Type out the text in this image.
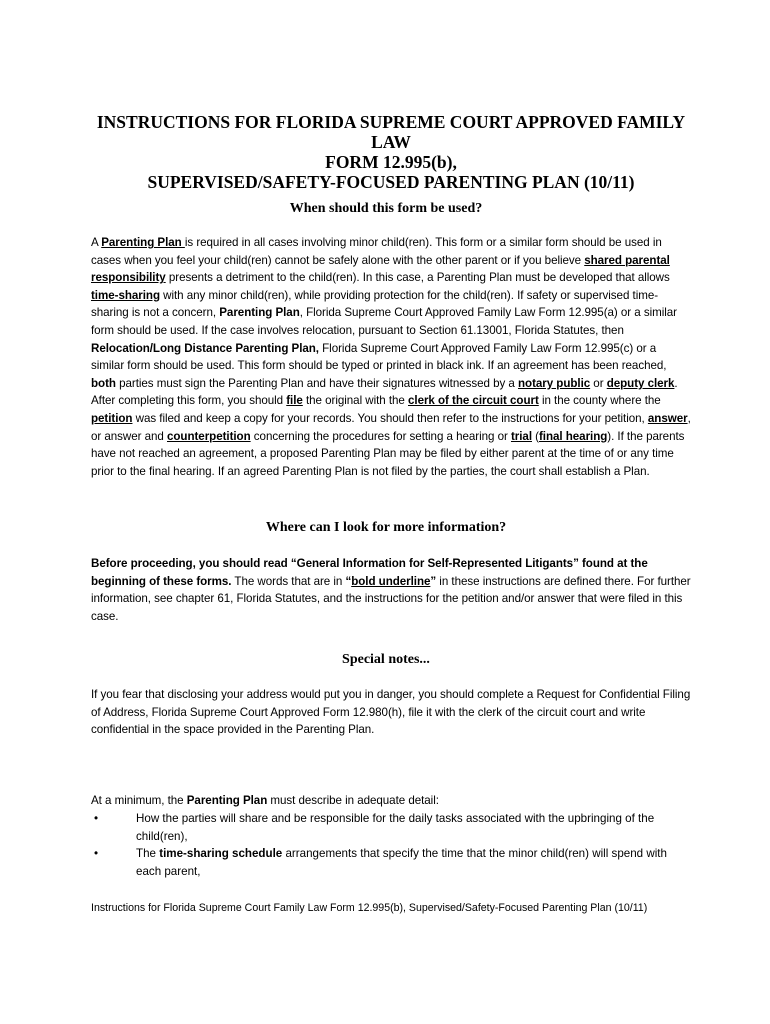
INSTRUCTIONS FOR FLORIDA SUPREME COURT APPROVED FAMILY LAW
FORM 12.995(b),
SUPERVISED/SAFETY-FOCUSED PARENTING PLAN (10/11)
When should this form be used?
A Parenting Plan is required in all cases involving minor child(ren). This form or a similar form should be used in cases when you feel your child(ren) cannot be safely alone with the other parent or if you believe shared parental responsibility presents a detriment to the child(ren). In this case, a Parenting Plan must be developed that allows time-sharing with any minor child(ren), while providing protection for the child(ren). If safety or supervised time-sharing is not a concern, Parenting Plan, Florida Supreme Court Approved Family Law Form 12.995(a) or a similar form should be used. If the case involves relocation, pursuant to Section 61.13001, Florida Statutes, then Relocation/Long Distance Parenting Plan, Florida Supreme Court Approved Family Law Form 12.995(c) or a similar form should be used. This form should be typed or printed in black ink. If an agreement has been reached, both parties must sign the Parenting Plan and have their signatures witnessed by a notary public or deputy clerk. After completing this form, you should file the original with the clerk of the circuit court in the county where the petition was filed and keep a copy for your records. You should then refer to the instructions for your petition, answer, or answer and counterpetition concerning the procedures for setting a hearing or trial (final hearing). If the parents have not reached an agreement, a proposed Parenting Plan may be filed by either parent at the time of or any time prior to the final hearing. If an agreed Parenting Plan is not filed by the parties, the court shall establish a Plan.
Where can I look for more information?
Before proceeding, you should read “General Information for Self-Represented Litigants” found at the beginning of these forms. The words that are in “bold underline” in these instructions are defined there. For further information, see chapter 61, Florida Statutes, and the instructions for the petition and/or answer that were filed in this case.
Special notes...
If you fear that disclosing your address would put you in danger, you should complete a Request for Confidential Filing of Address, Florida Supreme Court Approved Form 12.980(h), file it with the clerk of the circuit court and write confidential in the space provided in the Parenting Plan.
At a minimum, the Parenting Plan must describe in adequate detail:
•	How the parties will share and be responsible for the daily tasks associated with the upbringing of the child(ren),
•	The time-sharing schedule arrangements that specify the time that the minor child(ren) will spend with each parent,
Instructions for Florida Supreme Court Family Law Form 12.995(b), Supervised/Safety-Focused Parenting Plan (10/11)
